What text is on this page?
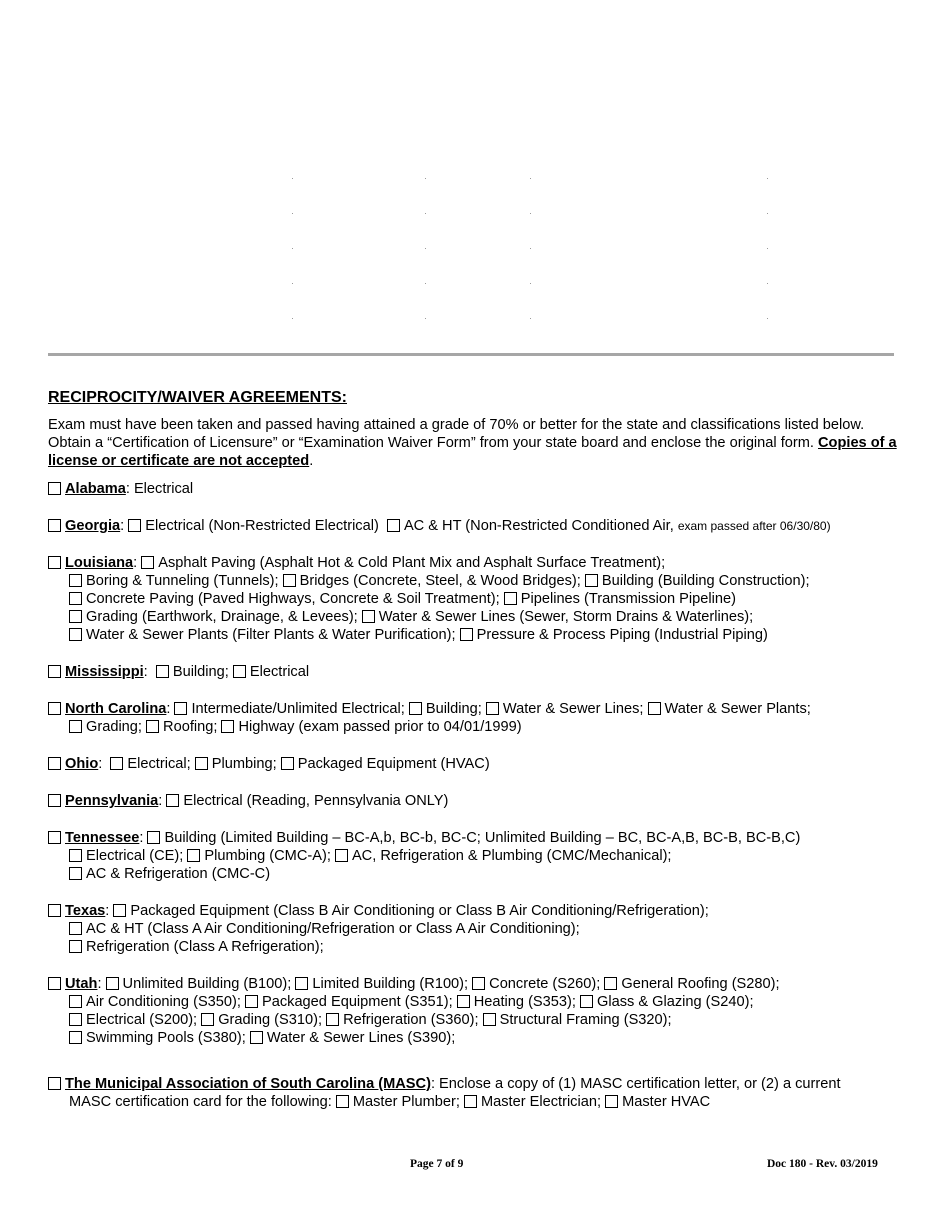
RECIPROCITY/WAIVER AGREEMENTS:
Exam must have been taken and passed having attained a grade of 70% or better for the state and classifications listed below. Obtain a “Certification of Licensure” or “Examination Waiver Form” from your state board and enclose the original form. Copies of a license or certificate are not accepted.
Alabama: Electrical
Georgia: Electrical (Non-Restricted Electrical) AC & HT (Non-Restricted Conditioned Air, exam passed after 06/30/80)
Louisiana: Asphalt Paving (Asphalt Hot & Cold Plant Mix and Asphalt Surface Treatment);
Boring & Tunneling (Tunnels); Bridges (Concrete, Steel, & Wood Bridges); Building (Building Construction);
Concrete Paving (Paved Highways, Concrete & Soil Treatment); Pipelines (Transmission Pipeline)
Grading (Earthwork, Drainage, & Levees); Water & Sewer Lines (Sewer, Storm Drains & Waterlines);
Water & Sewer Plants (Filter Plants & Water Purification); Pressure & Process Piping (Industrial Piping)
Mississippi:  Building; Electrical
North Carolina: Intermediate/Unlimited Electrical; Building; Water & Sewer Lines; Water & Sewer Plants;
Grading; Roofing; Highway (exam passed prior to 04/01/1999)
Ohio:  Electrical; Plumbing; Packaged Equipment (HVAC)
Pennsylvania: Electrical (Reading, Pennsylvania ONLY)
Tennessee: Building (Limited Building – BC-A,b, BC-b, BC-C; Unlimited Building – BC, BC-A,B, BC-B, BC-B,C)
Electrical (CE); Plumbing (CMC-A); AC, Refrigeration & Plumbing (CMC/Mechanical);
AC & Refrigeration (CMC-C)
Texas: Packaged Equipment (Class B Air Conditioning or Class B Air Conditioning/Refrigeration);
AC & HT (Class A Air Conditioning/Refrigeration or Class A Air Conditioning);
Refrigeration (Class A Refrigeration);
Utah: Unlimited Building (B100); Limited Building (R100); Concrete (S260); General Roofing (S280);
Air Conditioning (S350); Packaged Equipment (S351); Heating (S353); Glass & Glazing (S240);
Electrical (S200); Grading (S310); Refrigeration (S360); Structural Framing (S320);
Swimming Pools (S380); Water & Sewer Lines (S390);
The Municipal Association of South Carolina (MASC): Enclose a copy of (1) MASC certification letter, or (2) a current
MASC certification card for the following: Master Plumber; Master Electrician; Master HVAC
Page 7 of 9	Doc 180 - Rev. 03/2019
